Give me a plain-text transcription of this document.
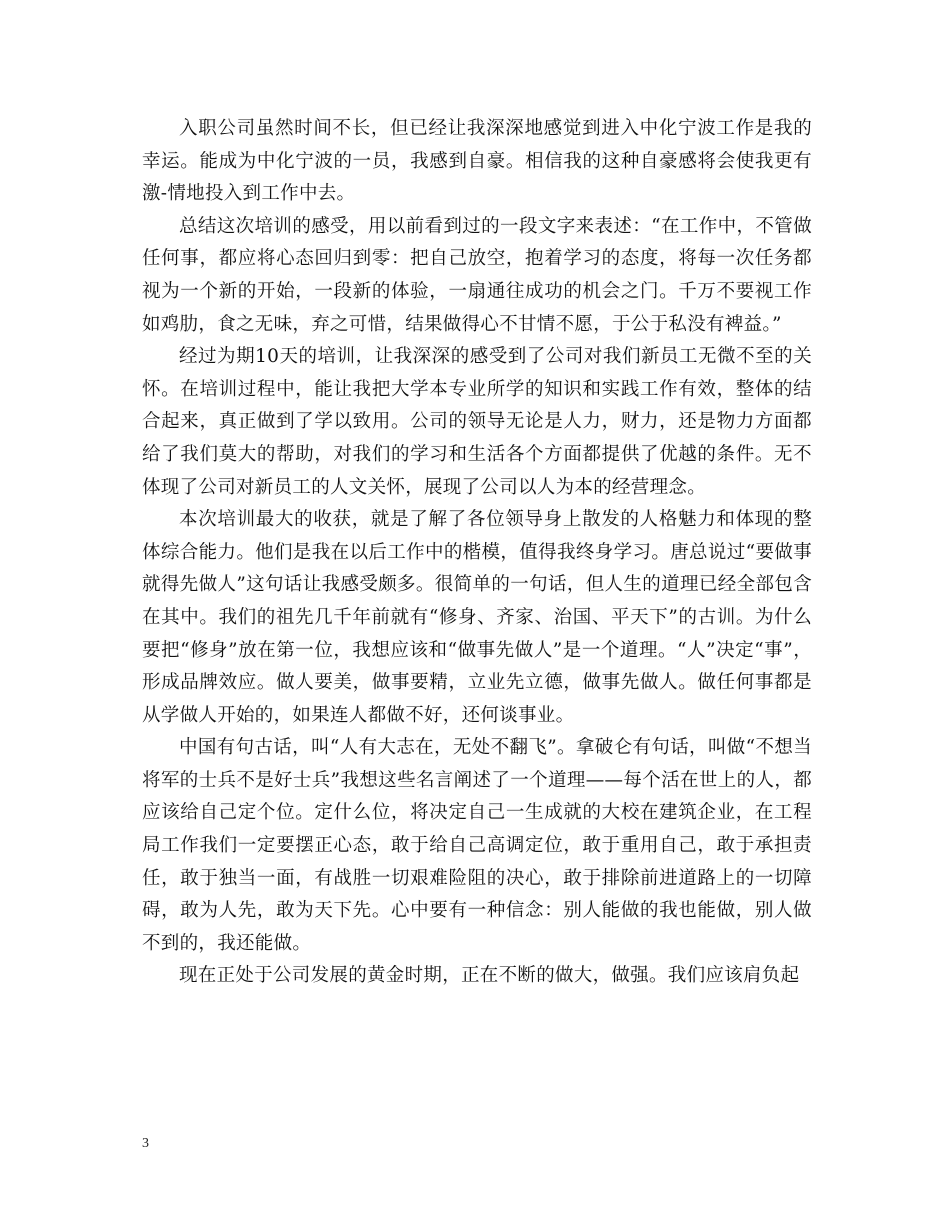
入职公司虽然时间不长，但已经让我深深地感觉到进入中化宁波工作是我的幸运。能成为中化宁波的一员，我感到自豪。相信我的这种自豪感将会使我更有激-情地投入到工作中去。

总结这次培训的感受，用以前看到过的一段文字来表述：“在工作中，不管做任何事，都应将心态回归到零：把自己放空，抱着学习的态度，将每一次任务都视为一个新的开始，一段新的体验，一扇通往成功的机会之门。千万不要视工作如鸡肋，食之无味，弃之可惜，结果做得心不甘情不愿，于公于私没有裨益。”

经过为期10天的培训，让我深深的感受到了公司对我们新员工无微不至的关怀。在培训过程中，能让我把大学本专业所学的知识和实践工作有效，整体的结合起来，真正做到了学以致用。公司的领导无论是人力，财力，还是物力方面都给了我们莫大的帮助，对我们的学习和生活各个方面都提供了优越的条件。无不体现了公司对新员工的人文关怀，展现了公司以人为本的经营理念。

本次培训最大的收获，就是了解了各位领导身上散发的人格魅力和体现的整体综合能力。他们是我在以后工作中的楷模，值得我终身学习。唐总说过“要做事就得先做人”这句话让我感受颇多。很简单的一句话，但人生的道理已经全部包含在其中。我们的祖先几千年前就有“修身、齐家、治国、平天下”的古训。为什么要把“修身”放在第一位，我想应该和“做事先做人”是一个道理。“人”决定“事”，形成品牌效应。做人要美，做事要精，立业先立德，做事先做人。做任何事都是从学做人开始的，如果连人都做不好，还何谈事业。

中国有句古话，叫“人有大志在，无处不翻飞”。拿破仑有句话，叫做“不想当将军的士兵不是好士兵”我想这些名言阐述了一个道理——每个活在世上的人，都应该给自己定个位。定什么位，将决定自己一生成就的大校在建筑企业，在工程局工作我们一定要摆正心态，敢于给自己高调定位，敢于重用自己，敢于承担责任，敢于独当一面，有战胜一切艰难险阻的决心，敢于排除前进道路上的一切障碍，敢为人先，敢为天下先。心中要有一种信念：别人能做的我也能做，别人做不到的，我还能做。

现在正处于公司发展的黄金时期，正在不断的做大，做强。我们应该肩负起

3
